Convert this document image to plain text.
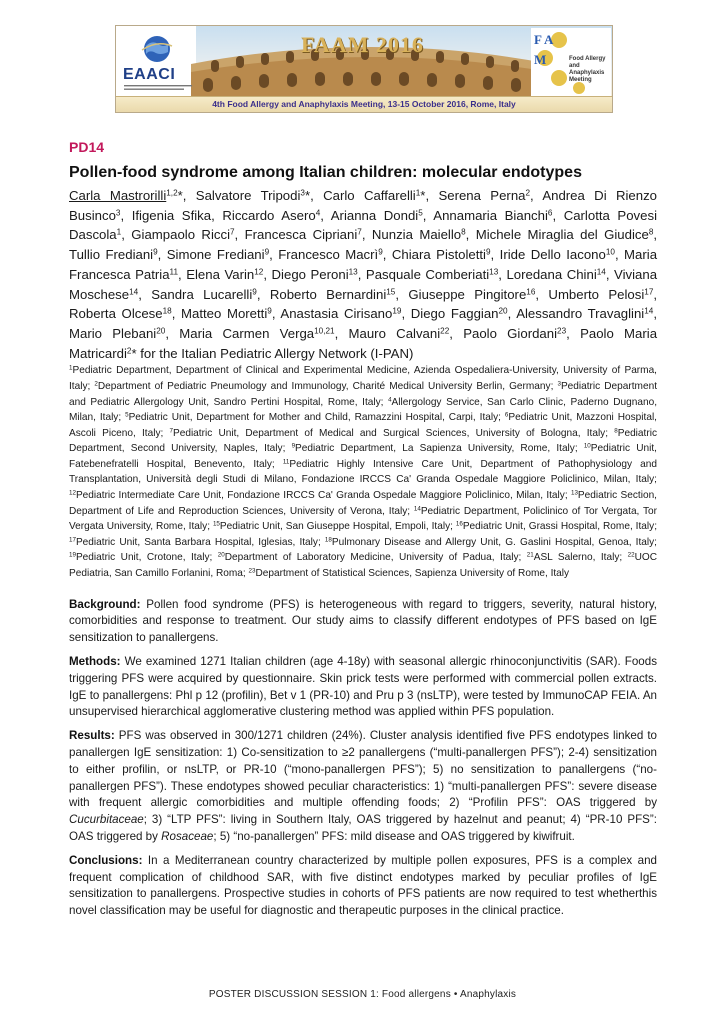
EAACI
FAAM 2016	F A M	Food Allergy and Anaphylaxis Meeting
4th Food Allergy and Anaphylaxis Meeting, 13-15 October 2016, Rome, Italy
PD14
Pollen-food syndrome among Italian children: molecular endotypes

Carla Mastrorilli$^{1,2}$*, Salvatore Tripodi$^3$*, Carlo Caffarelli$^1$*, Serena Perna$^2$, Andrea Di Rienzo Businco$^3$, Ifigenia Sfika, Riccardo Asero$^4$, Arianna Dondi$^5$, Annamaria Bianchi$^6$, Carlotta Povesi Dascola$^1$, Giampaolo Ricci$^7$, Francesca Cipriani$^7$, Nunzia Maiello$^8$, Michele Miraglia del Giudice$^8$, Tullio Frediani$^9$, Simone Frediani$^9$, Francesco Macrì$^9$, Chiara Pistoletti$^9$, Iride Dello Iacono$^{10}$, Maria Francesca Patria$^{11}$, Elena Varin$^{12}$, Diego Peroni$^{13}$, Pasquale Comberiati$^{13}$, Loredana Chini$^{14}$, Viviana Moschese$^{14}$, Sandra Lucarelli$^9$, Roberto Bernardini$^{15}$, Giuseppe Pingitore$^{16}$, Umberto Pelosi$^{17}$, Roberta Olcese$^{18}$, Matteo Moretti$^9$, Anastasia Cirisano$^{19}$, Diego Faggian$^{20}$, Alessandro Travaglini$^{14}$, Mario Plebani$^{20}$, Maria Carmen Verga$^{10,21}$, Mauro Calvani$^{22}$, Paolo Giordani$^{23}$, Paolo Maria Matricardi$^2$* for the Italian Pediatric Allergy Network (I-PAN)

$^1$Pediatric Department, Department of Clinical and Experimental Medicine, Azienda Ospedaliera-University, University of Parma, Italy; $^2$Department of Pediatric Pneumology and Immunology, Charité Medical University Berlin, Germany; $^3$Pediatric Department and Pediatric Allergology Unit, Sandro Pertini Hospital, Rome, Italy; $^4$Allergology Service, San Carlo Clinic, Paderno Dugnano, Milan, Italy; $^5$Pediatric Unit, Department for Mother and Child, Ramazzini Hospital, Carpi, Italy; $^6$Pediatric Unit, Mazzoni Hospital, Ascoli Piceno, Italy; $^7$Pediatric Unit, Department of Medical and Surgical Sciences, University of Bologna, Italy; $^8$Pediatric Department, Second University, Naples, Italy; $^9$Pediatric Department, La Sapienza University, Rome, Italy; $^{10}$Pediatric Unit, Fatebenefratelli Hospital, Benevento, Italy; $^{11}$Pediatric Highly Intensive Care Unit, Department of Pathophysiology and Transplantation, Università degli Studi di Milano, Fondazione IRCCS Ca' Granda Ospedale Maggiore Policlinico, Milan, Italy; $^{12}$Pediatric Intermediate Care Unit, Fondazione IRCCS Ca' Granda Ospedale Maggiore Policlinico, Milan, Italy; $^{13}$Pediatric Section, Department of Life and Reproduction Sciences, University of Verona, Italy; $^{14}$Pediatric Department, Policlinico of Tor Vergata, Tor Vergata University, Rome, Italy; $^{15}$Pediatric Unit, San Giuseppe Hospital, Empoli, Italy; $^{16}$Pediatric Unit, Grassi Hospital, Rome, Italy; $^{17}$Pediatric Unit, Santa Barbara Hospital, Iglesias, Italy; $^{18}$Pulmonary Disease and Allergy Unit, G. Gaslini Hospital, Genoa, Italy; $^{19}$Pediatric Unit, Crotone, Italy; $^{20}$Department of Laboratory Medicine, University of Padua, Italy; $^{21}$ASL Salerno, Italy; $^{22}$UOC Pediatria, San Camillo Forlanini, Roma; $^{23}$Department of Statistical Sciences, Sapienza University of Rome, Italy

Background: Pollen food syndrome (PFS) is heterogeneous with regard to triggers, severity, natural history, comorbidities and response to treatment. Our study aims to classify different endotypes of PFS based on IgE sensitization to panallergens.

Methods: We examined 1271 Italian children (age 4-18y) with seasonal allergic rhinoconjunctivitis (SAR). Foods triggering PFS were acquired by questionnaire. Skin prick tests were performed with commercial pollen extracts. IgE to panallergens: Phl p 12 (profilin), Bet v 1 (PR-10) and Pru p 3 (nsLTP), were tested by ImmunoCAP FEIA. An unsupervised hierarchical agglomerative clustering method was applied within PFS population.

Results: PFS was observed in 300/1271 children (24%). Cluster analysis identified five PFS endotypes linked to panallergen IgE sensitization: 1) Co-sensitization to ≥2 panallergens (“multi-panallergen PFS”); 2-4) sensitization to either profilin, or nsLTP, or PR-10 (“mono-panallergen PFS”); 5) no sensitization to panallergens (“no-panallergen PFS”). These endotypes showed peculiar characteristics: 1) “multi-panallergen PFS”: severe disease with frequent allergic comorbidities and multiple offending foods; 2) “Profilin PFS”: OAS triggered by Cucurbitaceae; 3) “LTP PFS”: living in Southern Italy, OAS triggered by hazelnut and peanut; 4) “PR-10 PFS”: OAS triggered by Rosaceae; 5) “no-panallergen” PFS: mild disease and OAS triggered by kiwifruit.

Conclusions: In a Mediterranean country characterized by multiple pollen exposures, PFS is a complex and frequent complication of childhood SAR, with five distinct endotypes marked by peculiar profiles of IgE sensitization to panallergens. Prospective studies in cohorts of PFS patients are now required to test whetherthis novel classification may be useful for diagnostic and therapeutic purposes in the clinical practice.

POSTER DISCUSSION SESSION 1: Food allergens • Anaphylaxis
